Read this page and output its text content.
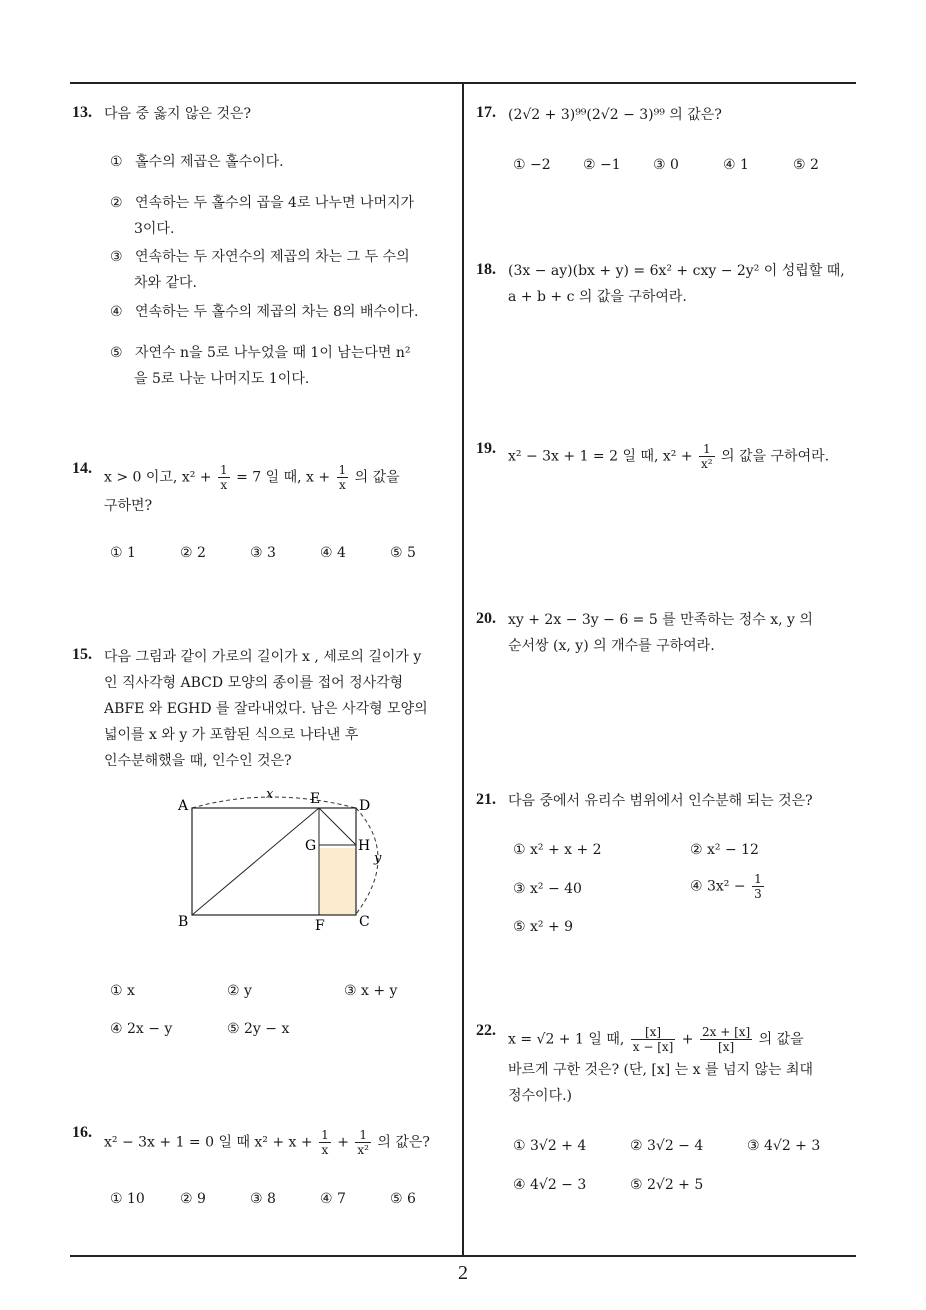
13. 다음 중 옳지 않은 것은?
① 홀수의 제곱은 홀수이다.
② 연속하는 두 홀수의 곱을 4로 나누면 나머지가
3이다.
③ 연속하는 두 자연수의 제곱의 차는 그 두 수의
차와 같다.
④ 연속하는 두 홀수의 제곱의 차는 8의 배수이다.
⑤ 자연수 n을 5로 나누었을 때 1이 남는다면 n²
을 5로 나눈 나머지도 1이다.
14.
x > 0 이고, $x^2 + \frac{1}{x} = 7$ 일 때, $x + \frac{1}{x}$ 의 값을
구하면?
① 1	② 2	③ 3	④ 4	⑤ 5
15. 다음 그림과 같이 가로의 길이가 x , 세로의 길이가 y
인 직사각형 ABCD 모양의 종이를 접어 정사각형
ABFE 와 EGHD 를 잘라내었다. 남은 사각형 모양의
넓이를 x 와 y 가 포함된 식으로 나타낸 후
인수분해했을 때, 인수인 것은?
A
B	C
D
E
F
G	H
x
y
① x	② y	③ x + y
④ 2x − y	⑤ 2y − x
16.
x² − 3x + 1 = 0 일 때 $x^2 + x + \frac{1}{x} + \frac{1}{\text{x²}}$ 의 값은?
① 10	② 9	③ 8	④ 7	⑤ 6
17. (2√2 + 3)⁹⁹(2√2 − 3)⁹⁹ 의 값은?
① −2 ② −1 ③ 0	④ 1	⑤ 2
18. (3x − ay)(bx + y) = 6x² + cxy − 2y² 이 성립할 때,
a + b + c 의 값을 구하여라.
19. x² − 3x + 1 = 2 일 때, $x^2 + \frac{1}{\text{x²}}$ 의 값을 구하여라.
20. xy + 2x − 3y − 6 = 5 를 만족하는 정수 x, y 의
순서쌍 (x, y) 의 개수를 구하여라.
21. 다음 중에서 유리수 범위에서 인수분해 되는 것은?
① x² + x + 2	② x² − 12
③ x² − 40	④ $3x^2 - \frac{1}{3}$
⑤ x² + 9
22.
x = √2 + 1 일 때, $\frac{[x]}{x - [x]} + \frac{2x + [x]}{[x]}$ 의 값을
바르게 구한 것은? (단, [x] 는 x 를 넘지 않는 최대
정수이다.)
① 3√2 + 4	② 3√2 − 4	③ 4√2 + 3
④ 4√2 − 3	⑤ 2√2 + 5
2
